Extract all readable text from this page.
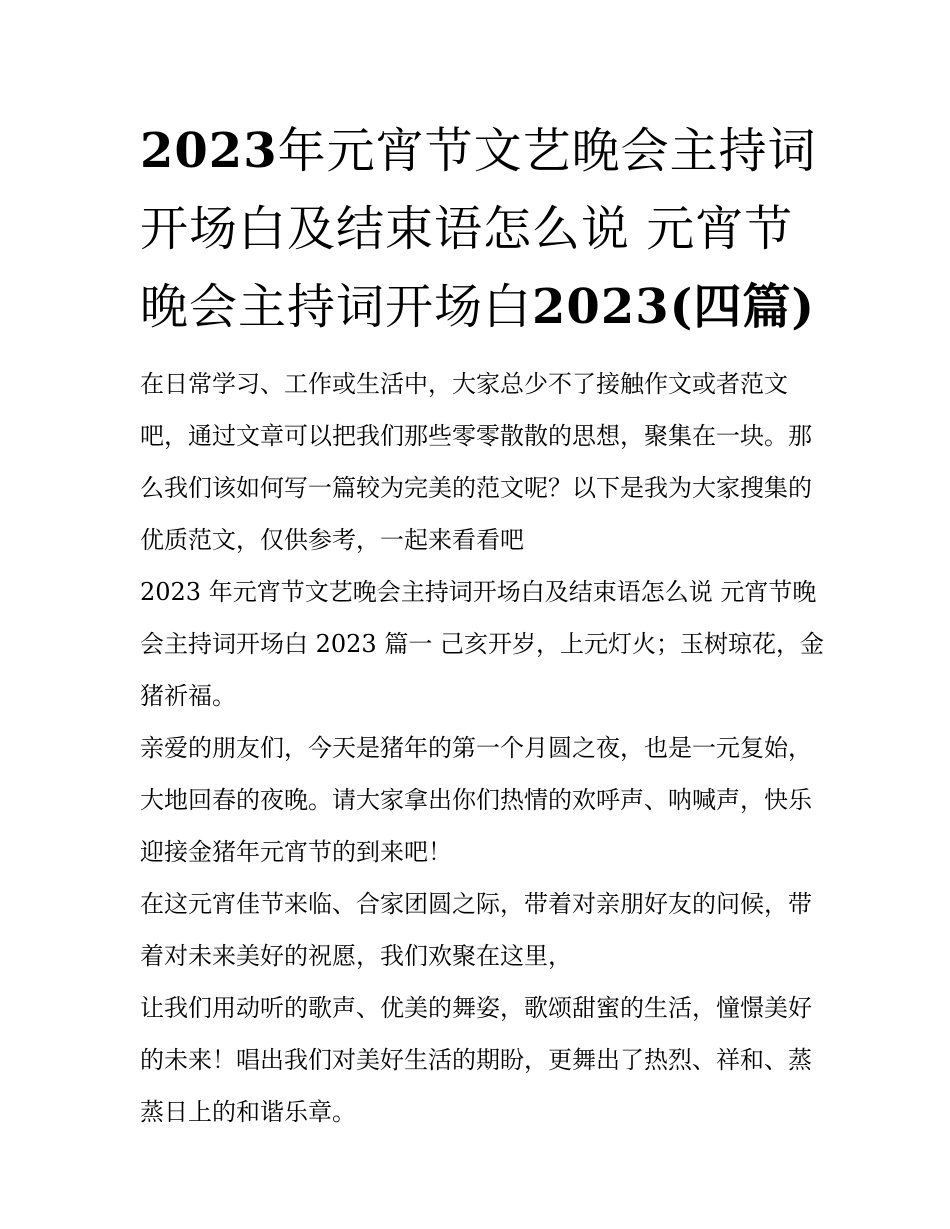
2023年元宵节文艺晚会主持词开场白及结束语怎么说 元宵节晚会主持词开场白2023(四篇)

在日常学习、工作或生活中，大家总少不了接触作文或者范文吧，通过文章可以把我们那些零零散散的思想，聚集在一块。那么我们该如何写一篇较为完美的范文呢？以下是我为大家搜集的优质范文，仅供参考，一起来看看吧

2023 年元宵节文艺晚会主持词开场白及结束语怎么说 元宵节晚会主持词开场白 2023 篇一 己亥开岁，上元灯火；玉树琼花，金猪祈福。

亲爱的朋友们，今天是猪年的第一个月圆之夜，也是一元复始，大地回春的夜晚。请大家拿出你们热情的欢呼声、呐喊声，快乐迎接金猪年元宵节的到来吧！

在这元宵佳节来临、合家团圆之际，带着对亲朋好友的问候，带着对未来美好的祝愿，我们欢聚在这里，

让我们用动听的歌声、优美的舞姿，歌颂甜蜜的生活，憧憬美好的未来！唱出我们对美好生活的期盼，更舞出了热烈、祥和、蒸蒸日上的和谐乐章。
